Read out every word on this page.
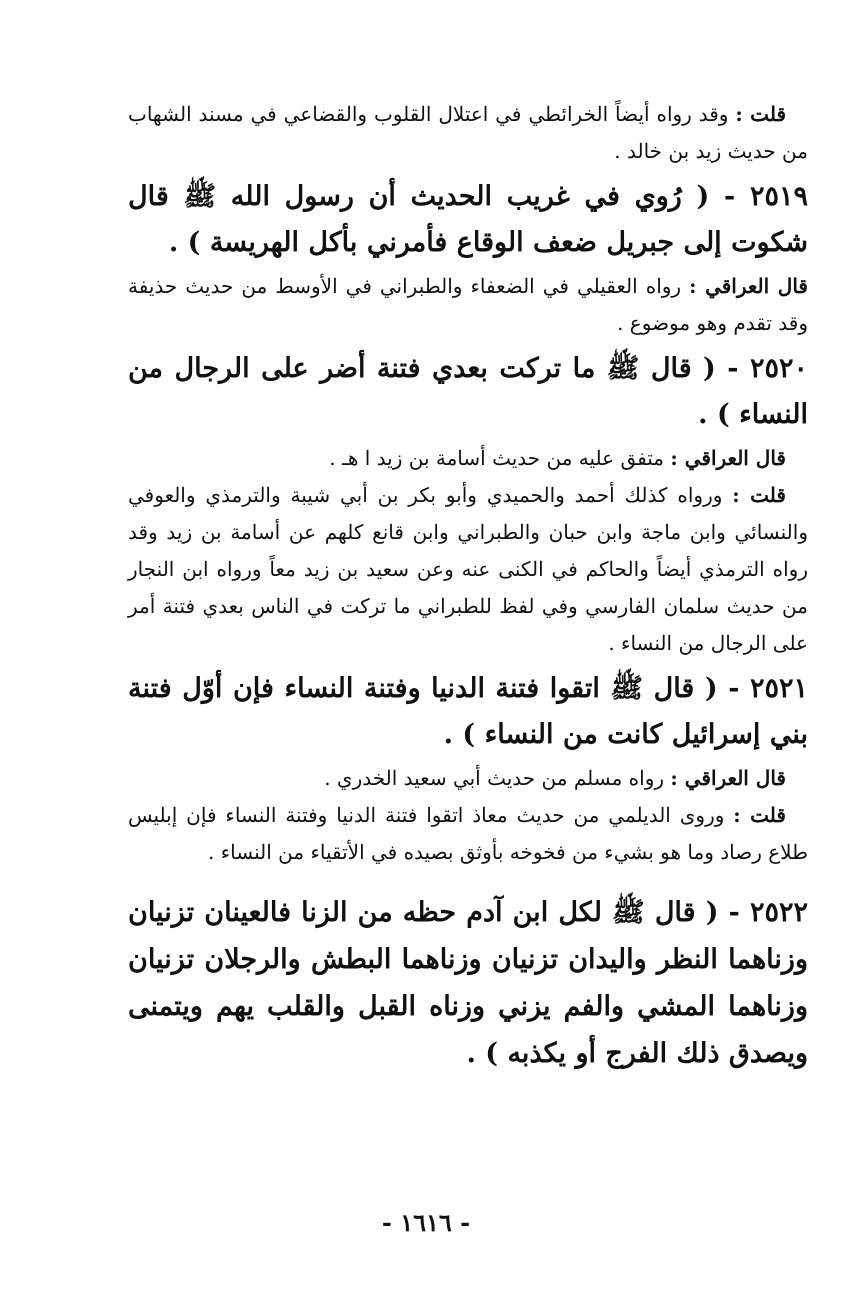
قلت : وقد رواه أيضاً الخرائطي في اعتلال القلوب والقضاعي في مسند الشهاب من حديث زيد بن خالد .

٢٥١٩ - ( رُوي في غريب الحديث أن رسول الله ﷺ قال شكوت إلى جبريل ضعف الوقاع فأمرني بأكل الهريسة ) .

قال العراقي : رواه العقيلي في الضعفاء والطبراني في الأوسط من حديث حذيفة وقد تقدم وهو موضوع .

٢٥٢٠ - ( قال ﷺ ما تركت بعدي فتنة أضر على الرجال من النساء ) .

قال العراقي : متفق عليه من حديث أسامة بن زيد ا هـ .

قلت : ورواه كذلك أحمد والحميدي وأبو بكر بن أبي شيبة والترمذي والعوفي والنسائي وابن ماجة وابن حبان والطبراني وابن قانع كلهم عن أسامة بن زيد وقد رواه الترمذي أيضاً والحاكم في الكنى عنه وعن سعيد بن زيد معاً ورواه ابن النجار من حديث سلمان الفارسي وفي لفظ للطبراني ما تركت في الناس بعدي فتنة أمر على الرجال من النساء .

٢٥٢١ - ( قال ﷺ اتقوا فتنة الدنيا وفتنة النساء فإن أوّل فتنة بني إسرائيل كانت من النساء ) .

قال العراقي : رواه مسلم من حديث أبي سعيد الخدري .

قلت : وروى الديلمي من حديث معاذ اتقوا فتنة الدنيا وفتنة النساء فإن إبليس طلاع رصاد وما هو بشيء من فخوخه بأوثق بصيده في الأتقياء من النساء .

٢٥٢٢ - ( قال ﷺ لكل ابن آدم حظه من الزنا فالعينان تزنيان وزناهما النظر واليدان تزنيان وزناهما البطش والرجلان تزنيان وزناهما المشي والفم يزني وزناه القبل والقلب يهم ويتمنى ويصدق ذلك الفرج أو يكذبه ) .

- ١٦١٦ -
